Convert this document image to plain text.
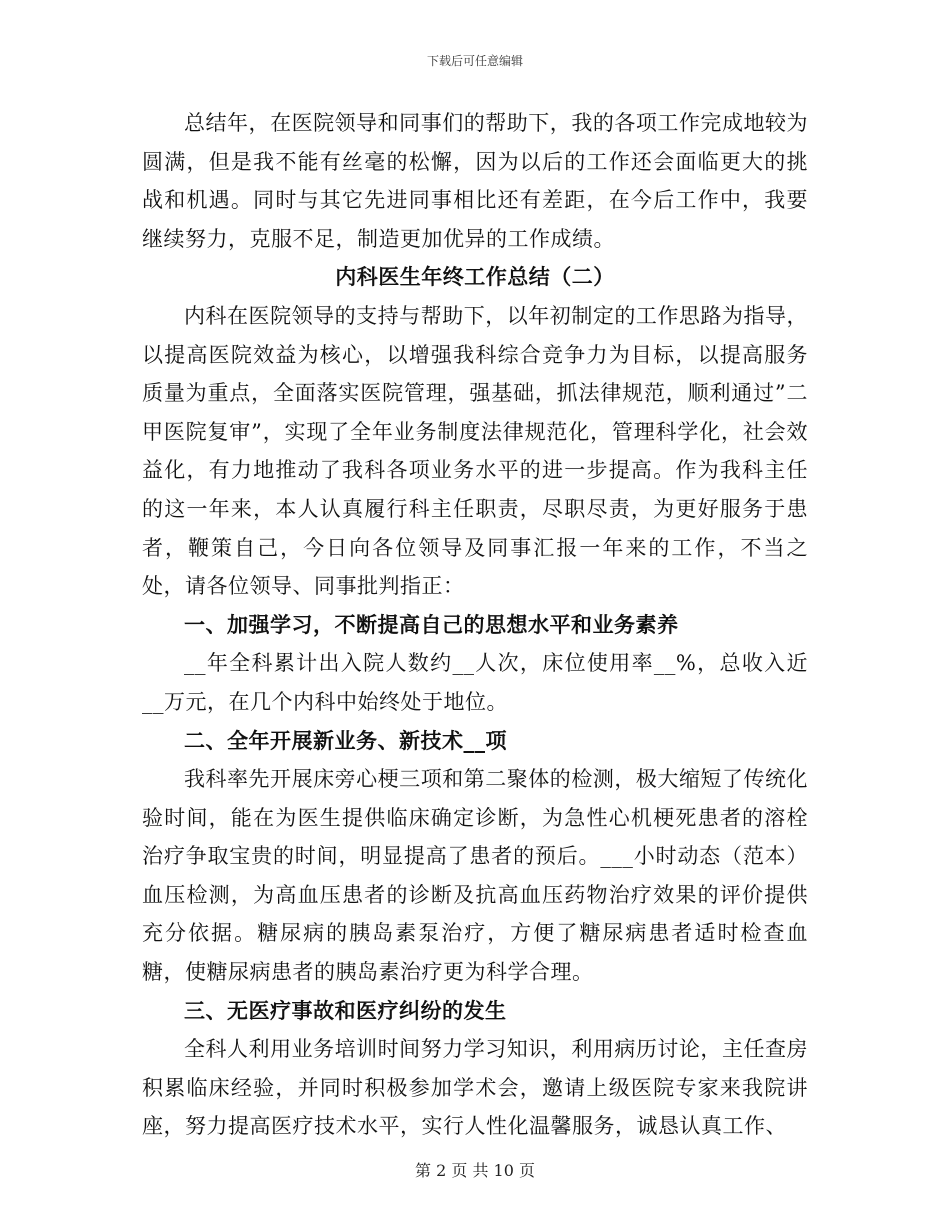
下载后可任意编辑

总结年，在医院领导和同事们的帮助下，我的各项工作完成地较为圆满，但是我不能有丝毫的松懈，因为以后的工作还会面临更大的挑战和机遇。同时与其它先进同事相比还有差距，在今后工作中，我要继续努力，克服不足，制造更加优异的工作成绩。

内科医生年终工作总结（二）

内科在医院领导的支持与帮助下，以年初制定的工作思路为指导，以提高医院效益为核心，以增强我科综合竞争力为目标，以提高服务质量为重点，全面落实医院管理，强基础，抓法律规范，顺利通过”二甲医院复审”，实现了全年业务制度法律规范化，管理科学化，社会效益化，有力地推动了我科各项业务水平的进一步提高。作为我科主任的这一年来，本人认真履行科主任职责，尽职尽责，为更好服务于患者，鞭策自己，今日向各位领导及同事汇报一年来的工作，不当之处，请各位领导、同事批判指正：

一、加强学习，不断提高自己的思想水平和业务素养

__年全科累计出入院人数约__人次，床位使用率__%，总收入近__万元，在几个内科中始终处于地位。

二、全年开展新业务、新技术__项

我科率先开展床旁心梗三项和第二聚体的检测，极大缩短了传统化验时间，能在为医生提供临床确定诊断，为急性心机梗死患者的溶栓治疗争取宝贵的时间，明显提高了患者的预后。___小时动态（范本）血压检测，为高血压患者的诊断及抗高血压药物治疗效果的评价提供充分依据。糖尿病的胰岛素泵治疗，方便了糖尿病患者适时检查血糖，使糖尿病患者的胰岛素治疗更为科学合理。

三、无医疗事故和医疗纠纷的发生

全科人利用业务培训时间努力学习知识，利用病历讨论，主任查房积累临床经验，并同时积极参加学术会，邀请上级医院专家来我院讲座，努力提高医疗技术水平，实行人性化温馨服务，诚恳认真工作、

第 2 页 共 10 页
